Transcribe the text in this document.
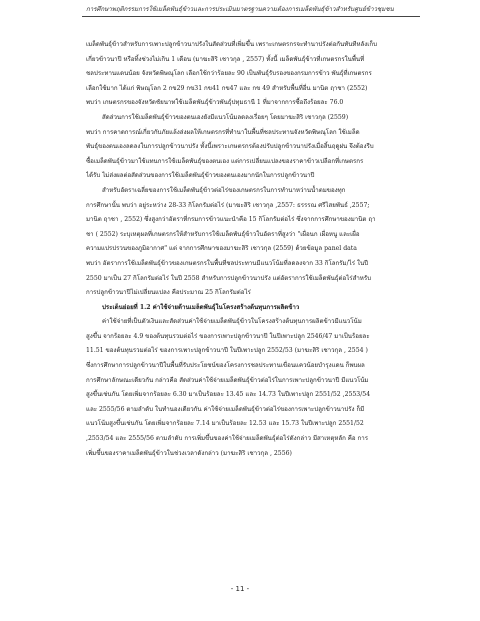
การศึกษาพฤติกรรมการใช้เมล็ดพันธุ์ข้าวและการประเมินมาตรฐานความต้องการเมล็ดพันธุ์ข้าวสำหรับศูนย์ข้าวชุมชน
เมล็ดพันธุ์ข้าวสำหรับการเพาะปลูกข้าวนาปรังในสัดส่วนที่เพิ่มขึ้น เพราะเกษตรกรจะทำนาปรังต่อกันทันทีหลังเก็บ
เกี่ยวข้าวนาปี หรือทิ้งช่วงไม่เกิน 1 เดือน (มาฆะสิริ เชาวกุล , 2557) ทั้งนี้ เมล็ดพันธุ์ข้าวที่เกษตรกรในพื้นที่
ชลประทานแดนน้อย จังหวัดพิษณุโลก เลือกใช้กว่าร้อยละ 90 เป็นพันธุ์รับรองของกรมการข้าว พันธุ์ที่เกษตรกร
เลือกใช้มาก ได้แก่ พิษณุโลก 2 กข29 กข31 กข41 กข47 และ กข 49 สำหรับพื้นที่อื่น มานิต ฤาชา (2552)
พบว่า เกษตรกรของจังหวัดชัยนาทใช้เมล็ดพันธุ์ข้าวพันธุ์ปทุมธานี 1 ที่มาจากการซื้อถึงร้อยละ 76.0
สัดส่วนการใช้เมล็ดพันธุ์ข้าวของตนเองยังมีแนวโน้มลดลงเรื่อยๆ โดยมาฆะสิริ เชาวกุล (2559)
พบว่า การคาดการณ์เกี่ยวกับภัยแล้งส่งผลให้เกษตรกรที่ทำนาในพื้นที่ชลประทานจังหวัดพิษณุโลก ใช้เมล็ด
พันธุ์ของตนเองลดลงในการปลูกข้าวนาปรัง ทั้งนี้เพราะเกษตรกรต้องปรับปลูกข้าวนาปรังเมื่อสิ้นฤดูฝน จึงต้องรีบ
ซื้อเมล็ดพันธุ์ข้าวมาใช้แทนการใช้เมล็ดพันธุ์ของตนเอง แต่การเปลี่ยนแปลงของราคาข้าวเปลือกที่เกษตรกร
ได้รับ ไม่ส่งผลต่อสัดส่วนของการใช้เมล็ดพันธุ์ข้าวของตนเองมากนักในการปลูกข้าวนาปี
สำหรับอัตราเฉลี่ยของการใช้เมล็ดพันธุ์ข้าวต่อไร่ของเกษตรกรในการทำนาหว่านน้ำตมของทุก
การศึกษานั้น พบว่า อยู่ระหว่าง 28-33 กิโลกรัมต่อไร่ (มาฆะสิริ เชาวกุล ,2557: ธรรรณ ศรีไสยพันธ์ ,2557;
มานิต ฤาชา , 2552) ซึ่งสูงกว่าอัตราที่กรมการข้าวแนะนำคือ 15 กิโลกรัมต่อไร่ ซึ่งจากการศึกษาของมานิต ฤา
ชา ( 2552) ระบุเหตุผลที่เกษตรกรให้สำหรับการใช้เมล็ดพันธุ์ข้าวในอัตราที่สูงว่า "เผื่อนก เผื่อหนู และเผื่อ
ความแปรปรวนของภูมิอากาศ" แต่ จากการศึกษาของมาฆะสิริ เชาวกุล (2559) ด้วยข้อมูล panel data
พบว่า อัตราการใช้เมล็ดพันธุ์ข้าวของเกษตรกรในพื้นที่ชลประทานมีแนวโน้มที่ลดลงจาก 33 กิโลกรัม/ไร่ ในปี
2550 มาเป็น 27 กิโลกรัมต่อไร่ ในปี 2558 สำหรับการปลูกข้าวนาปรัง แต่อัตราการใช้เมล็ดพันธุ์ต่อไร่สำหรับ
การปลูกข้าวนาปีไม่เปลี่ยนแปลง คือประมาณ 25 กิโลกรัมต่อไร่
ประเด็นย่อยที่ 1.2 ค่าใช้จ่ายด้านเมล็ดพันธุ์ในโครงสร้างต้นทุนการผลิตข้าว
ค่าใช้จ่ายที่เป็นตัวเงินและสัดส่วนค่าใช้จ่ายเมล็ดพันธุ์ข้าวในโครงสร้างต้นทุนการผลิตข้าวมีแนวโน้ม
สูงขึ้น จากร้อยละ 4.9 ของต้นทุนรวมต่อไร่ ของการเพาะปลูกข้าวนาปี ในปีเพาะปลูก 2546/47 มาเป็นร้อยละ
11.51 ของต้นทุนรวมต่อไร่ ของการเพาะปลูกข้าวนาปี ในปีเพาะปลูก 2552/53 (มาฆะสิริ เชาวกุล , 2554 )
ซึ่งการศึกษาการปลูกข้าวนาปีในพื้นที่รับประโยชน์ของโครงการชลประทานเขื่อนแควน้อยบำรุงแดน ก็พบผล
การศึกษาลักษณะเดียวกัน กล่าวคือ สัดส่วนค่าใช้จ่ายเมล็ดพันธุ์ข้าวต่อไร่ในการเพาะปลูกข้าวนาปี มีแนวโน้ม
สูงขึ้นเช่นกัน โดยเพิ่มจากร้อยละ 6.30 มาเป็นร้อยละ 13.45 และ 14.73 ในปีเพาะปลูก 2551/52 ,2553/54
และ 2555/56 ตามลำดับ ในทำนองเดียวกัน ค่าใช้จ่ายเมล็ดพันธุ์ข้าวต่อไร่ของการเพาะปลูกข้าวนาปรัง ก็มี
แนวโน้มสูงขึ้นเช่นกัน โดยเพิ่มจากร้อยละ 7.14 มาเป็นร้อยละ 12.53 และ 15.73 ในปีเพาะปลูก 2551/52
,2553/54 และ 2555/56 ตามลำดับ การเพิ่มขึ้นของค่าใช้จ่ายเมล็ดพันธุ์ต่อไร่ดังกล่าว มีสาเหตุหลัก คือ การ
เพิ่มขึ้นของราคาเมล็ดพันธุ์ข้าวในช่วงเวลาดังกล่าว (มาฆะสิริ เชาวกุล , 2556)
- 11 -
